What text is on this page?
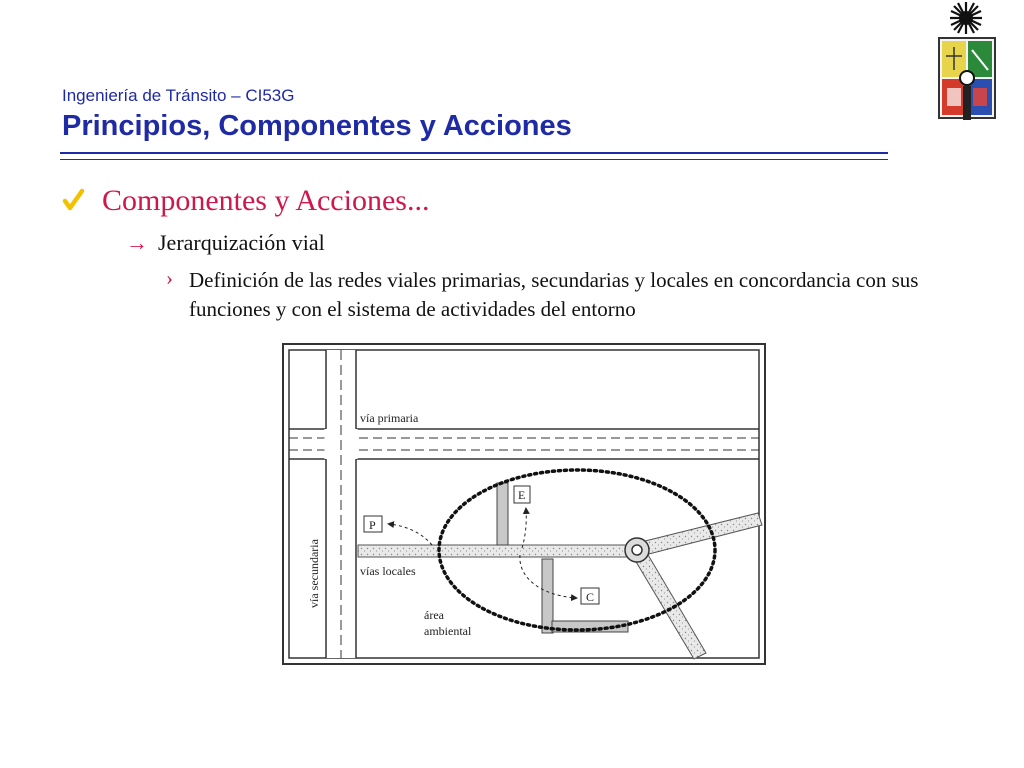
Ingeniería de Tránsito – CI53G
Principios, Componentes y Acciones
Componentes y Acciones...
→ Jerarquización vial
› Definición de las redes viales primarias, secundarias y locales en concordancia con sus funciones y con el sistema de actividades del entorno
vía primaria
vía secundaria	vías locales
área
ambiental
E
P
C
